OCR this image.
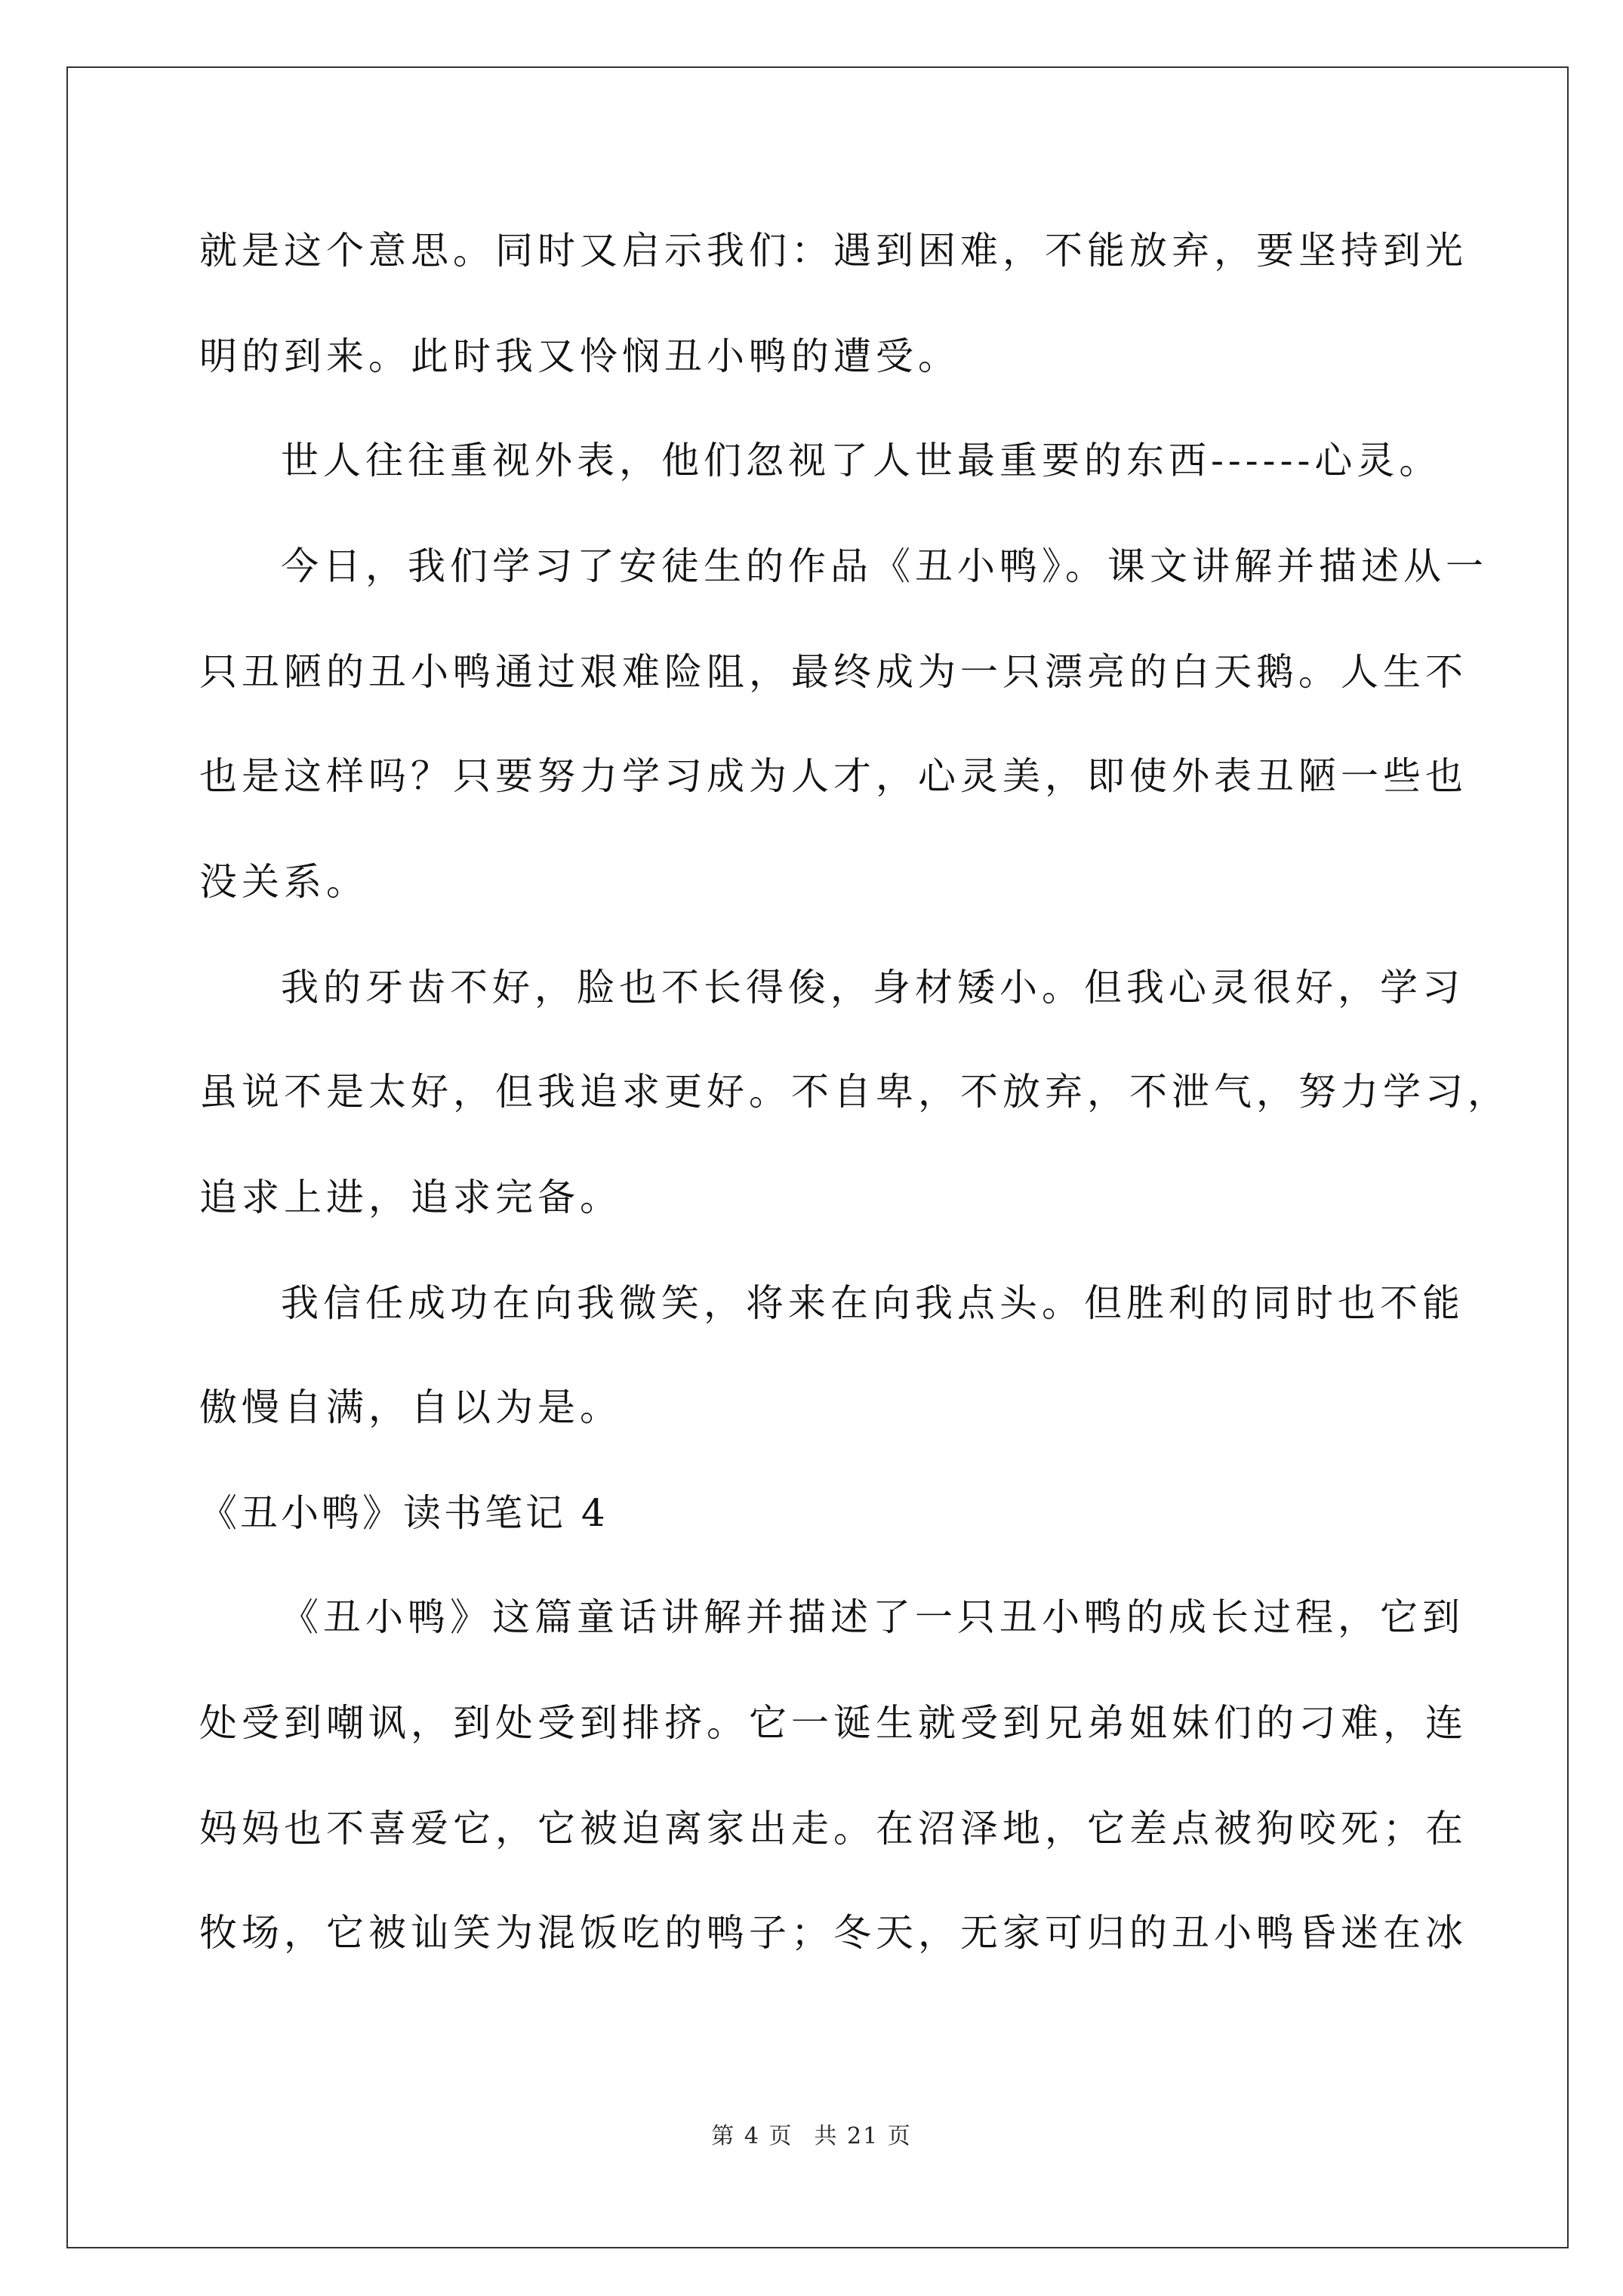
就是这个意思。同时又启示我们：遇到困难，不能放弃，要坚持到光
明的到来。此时我又怜悯丑小鸭的遭受。
世人往往重视外表，他们忽视了人世最重要的东西------心灵。
今日，我们学习了安徒生的作品《丑小鸭》。课文讲解并描述从一
只丑陋的丑小鸭通过艰难险阻，最终成为一只漂亮的白天鹅。人生不
也是这样吗？只要努力学习成为人才，心灵美，即使外表丑陋一些也
没关系。
我的牙齿不好，脸也不长得俊，身材矮小。但我心灵很好，学习
虽说不是太好，但我追求更好。不自卑，不放弃，不泄气，努力学习，
追求上进，追求完备。
我信任成功在向我微笑，将来在向我点头。但胜利的同时也不能
傲慢自满，自以为是。
《丑小鸭》读书笔记 4
《丑小鸭》这篇童话讲解并描述了一只丑小鸭的成长过程，它到
处受到嘲讽，到处受到排挤。它一诞生就受到兄弟姐妹们的刁难，连
妈妈也不喜爱它，它被迫离家出走。在沼泽地，它差点被狗咬死；在
牧场，它被讪笑为混饭吃的鸭子；冬天，无家可归的丑小鸭昏迷在冰
第 4 页 共 21 页
